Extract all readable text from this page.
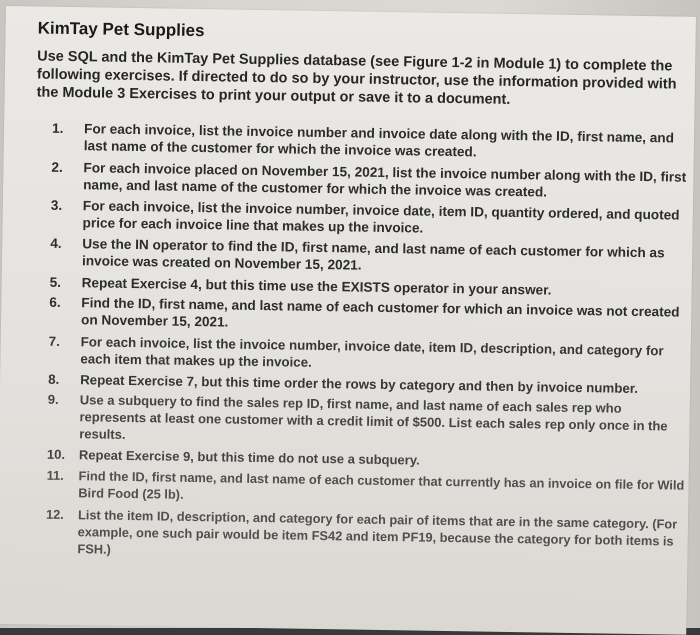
KimTay Pet Supplies
Use SQL and the KimTay Pet Supplies database (see Figure 1-2 in Module 1) to complete the following exercises. If directed to do so by your instructor, use the information provided with the Module 3 Exercises to print your output or save it to a document.
1.	For each invoice, list the invoice number and invoice date along with the ID, first name, and last name of the customer for which the invoice was created.
2.	For each invoice placed on November 15, 2021, list the invoice number along with the ID, first name, and last name of the customer for which the invoice was created.
3.	For each invoice, list the invoice number, invoice date, item ID, quantity ordered, and quoted price for each invoice line that makes up the invoice.
4.	Use the IN operator to find the ID, first name, and last name of each customer for which as invoice was created on November 15, 2021.
5.	Repeat Exercise 4, but this time use the EXISTS operator in your answer.
6.	Find the ID, first name, and last name of each customer for which an invoice was not created on November 15, 2021.
7.	For each invoice, list the invoice number, invoice date, item ID, description, and category for each item that makes up the invoice.
8.	Repeat Exercise 7, but this time order the rows by category and then by invoice number.
9.	Use a subquery to find the sales rep ID, first name, and last name of each sales rep who represents at least one customer with a credit limit of $500. List each sales rep only once in the results.
10.	Repeat Exercise 9, but this time do not use a subquery.
11.	Find the ID, first name, and last name of each customer that currently has an invoice on file for Wild Bird Food (25 lb).
12.	List the item ID, description, and category for each pair of items that are in the same category. (For example, one such pair would be item FS42 and item PF19, because the category for both items is FSH.)
